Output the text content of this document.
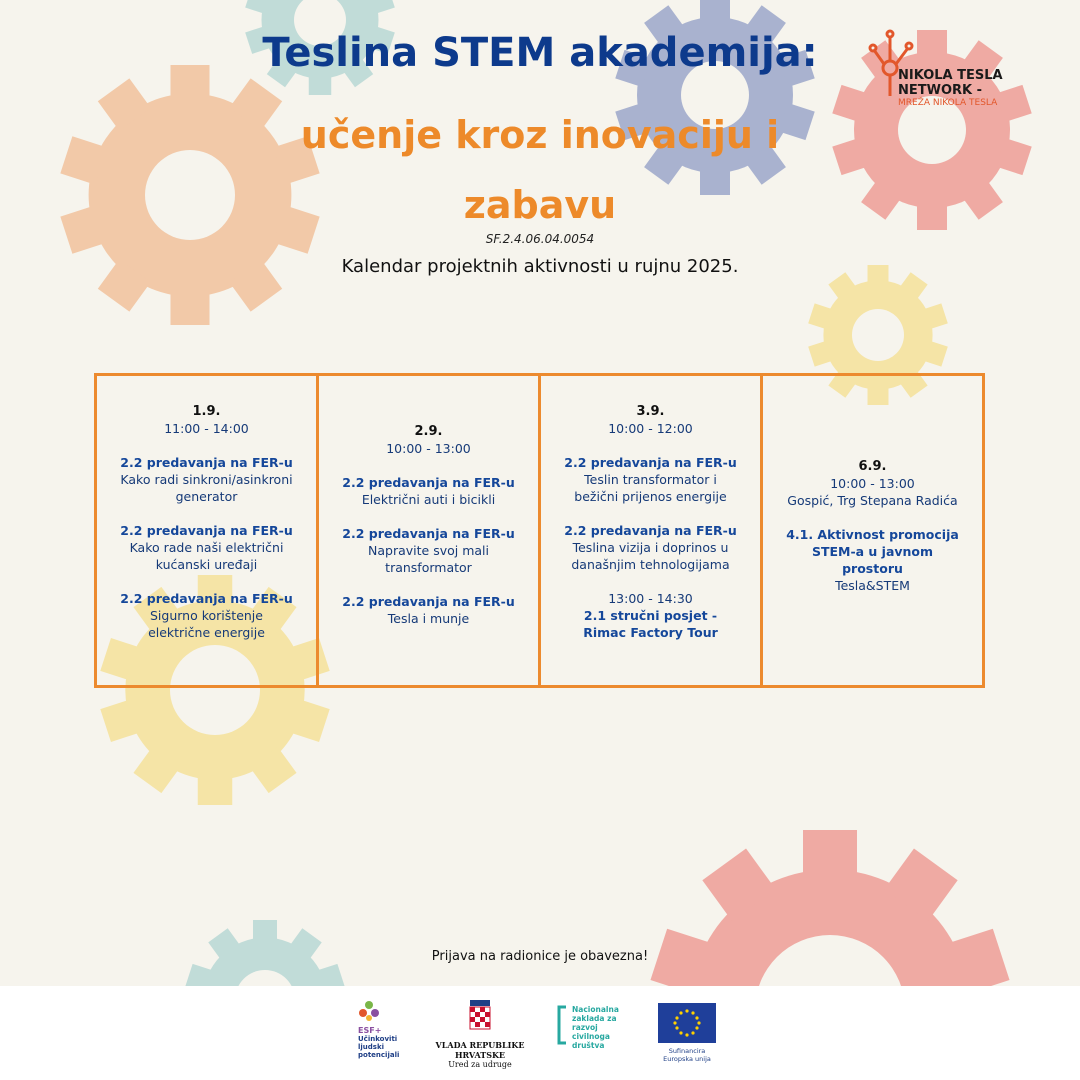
Teslina STEM akademija:
učenje kroz inovaciju i zabavu
SF.2.4.06.04.0054
Kalendar projektnih aktivnosti u rujnu 2025.
NIKOLA TESLA
NETWORK -
MREŽA NIKOLA TESLA
1.9.
11:00 - 14:00
2.2 predavanja na FER-u
Kako radi sinkroni/asinkroni generator
2.2 predavanja na FER-u
Kako rade naši električni kućanski uređaji
2.2 predavanja na FER-u
Sigurno korištenje električne energije
2.9.
10:00 - 13:00
2.2 predavanja na FER-u
Električni auti i bicikli
2.2 predavanja na FER-u
Napravite svoj mali transformator
2.2 predavanja na FER-u
Tesla i munje
3.9.
10:00 - 12:00
2.2 predavanja na FER-u
Teslin transformator i bežični prijenos energije
2.2 predavanja na FER-u
Teslina vizija i doprinos u današnjim tehnologijama
13:00 - 14:30
2.1 stručni posjet - Rimac Factory Tour
6.9.
10:00 - 13:00
Gospić, Trg Stepana Radića
4.1. Aktivnost promocija STEM-a u javnom prostoru
Tesla&STEM
Prijava na radionice je obavezna!
ESF+
Učinkoviti
ljudski
potencijali
VLADA REPUBLIKE HRVATSKE
Ured za udruge
Nacionalna
zaklada za
razvoj
civilnoga
društva
Sufinancira
Europska unija
